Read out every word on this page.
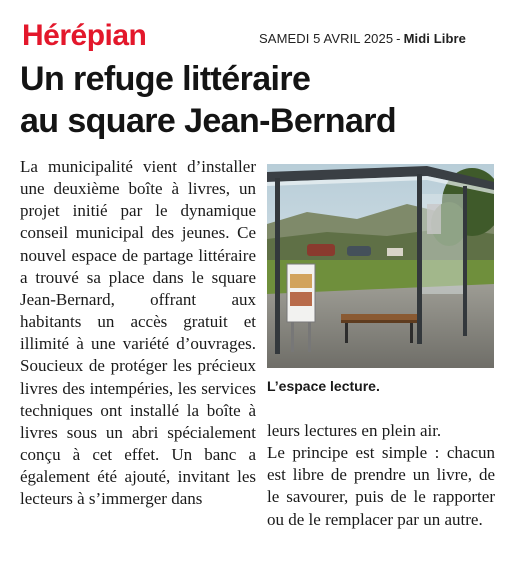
Hérépian	SAMEDI 5 AVRIL 2025 - Midi Libre
Un refuge littéraire
au square Jean-Bernard

La municipalité vient d’installer une deuxième boîte à livres, un projet initié par le dynamique conseil municipal des jeunes. Ce nouvel espace de partage littéraire a trouvé sa place dans le square Jean-Bernard, offrant aux habitants un accès gratuit et illimité à une variété d’ouvrages. Soucieux de protéger les précieux livres des intempéries, les services techniques ont installé la boîte à livres sous un abri spécialement conçu à cet effet. Un banc a également été ajouté, invitant les lecteurs à s’immerger dans

L’espace lecture.

leurs lectures en plein air.

Le principe est simple : chacun est libre de prendre un livre, de le savourer, puis de le rapporter ou de le remplacer par un autre.
